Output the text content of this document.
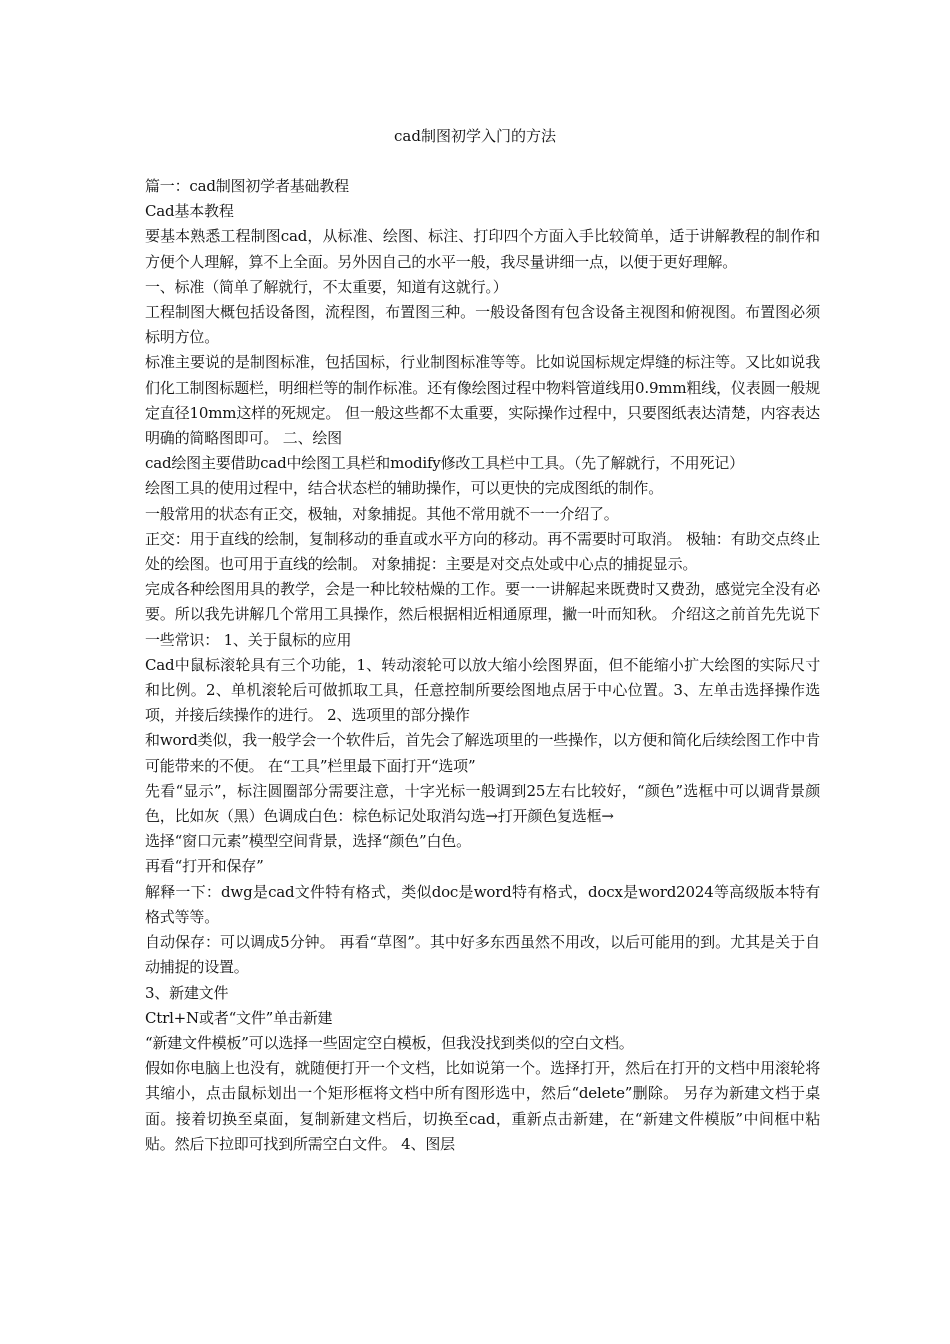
cad制图初学入门的方法

篇一：cad制图初学者基础教程

Cad基本教程

要基本熟悉工程制图cad，从标准、绘图、标注、打印四个方面入手比较简单，适于讲解教程的制作和方便个人理解，算不上全面。另外因自己的水平一般，我尽量讲细一点，以便于更好理解。

一、标准（简单了解就行，不太重要，知道有这就行。）

工程制图大概包括设备图，流程图，布置图三种。一般设备图有包含设备主视图和俯视图。布置图必须标明方位。

标准主要说的是制图标准，包括国标，行业制图标准等等。比如说国标规定焊缝的标注等。又比如说我们化工制图标题栏，明细栏等的制作标准。还有像绘图过程中物料管道线用0.9mm粗线，仪表圆一般规定直径10mm这样的死规定。 但一般这些都不太重要，实际操作过程中，只要图纸表达清楚，内容表达明确的简略图即可。 二、绘图

cad绘图主要借助cad中绘图工具栏和modify修改工具栏中工具。（先了解就行，不用死记）

绘图工具的使用过程中，结合状态栏的辅助操作，可以更快的完成图纸的制作。

一般常用的状态有正交，极轴，对象捕捉。其他不常用就不一一介绍了。

正交：用于直线的绘制，复制移动的垂直或水平方向的移动。再不需要时可取消。 极轴：有助交点终止处的绘图。也可用于直线的绘制。 对象捕捉：主要是对交点处或中心点的捕捉显示。

完成各种绘图用具的教学，会是一种比较枯燥的工作。要一一讲解起来既费时又费劲，感觉完全没有必要。所以我先讲解几个常用工具操作，然后根据相近相通原理，撇一叶而知秋。 介绍这之前首先先说下一些常识： 1、关于鼠标的应用

Cad中鼠标滚轮具有三个功能，1、转动滚轮可以放大缩小绘图界面，但不能缩小扩大绘图的实际尺寸和比例。2、单机滚轮后可做抓取工具，任意控制所要绘图地点居于中心位置。3、左单击选择操作选项，并接后续操作的进行。 2、选项里的部分操作

和word类似，我一般学会一个软件后，首先会了解选项里的一些操作，以方便和简化后续绘图工作中肯可能带来的不便。 在“工具”栏里最下面打开“选项”

先看“显示”，标注圆圈部分需要注意，十字光标一般调到25左右比较好，“颜色”选框中可以调背景颜色，比如灰（黑）色调成白色：棕色标记处取消勾选→打开颜色复选框→

选择“窗口元素”模型空间背景，选择“颜色”白色。

再看“打开和保存”

解释一下：dwg是cad文件特有格式，类似doc是word特有格式，docx是word2024等高级版本特有格式等等。

自动保存：可以调成5分钟。 再看“草图”。其中好多东西虽然不用改，以后可能用的到。尤其是关于自动捕捉的设置。

3、新建文件

Ctrl+N或者“文件”单击新建

“新建文件模板”可以选择一些固定空白模板，但我没找到类似的空白文档。

假如你电脑上也没有，就随便打开一个文档，比如说第一个。选择打开，然后在打开的文档中用滚轮将其缩小，点击鼠标划出一个矩形框将文档中所有图形选中，然后“delete”删除。 另存为新建文档于桌面。接着切换至桌面，复制新建文档后，切换至cad，重新点击新建，在“新建文件模版”中间框中粘贴。然后下拉即可找到所需空白文件。 4、图层
